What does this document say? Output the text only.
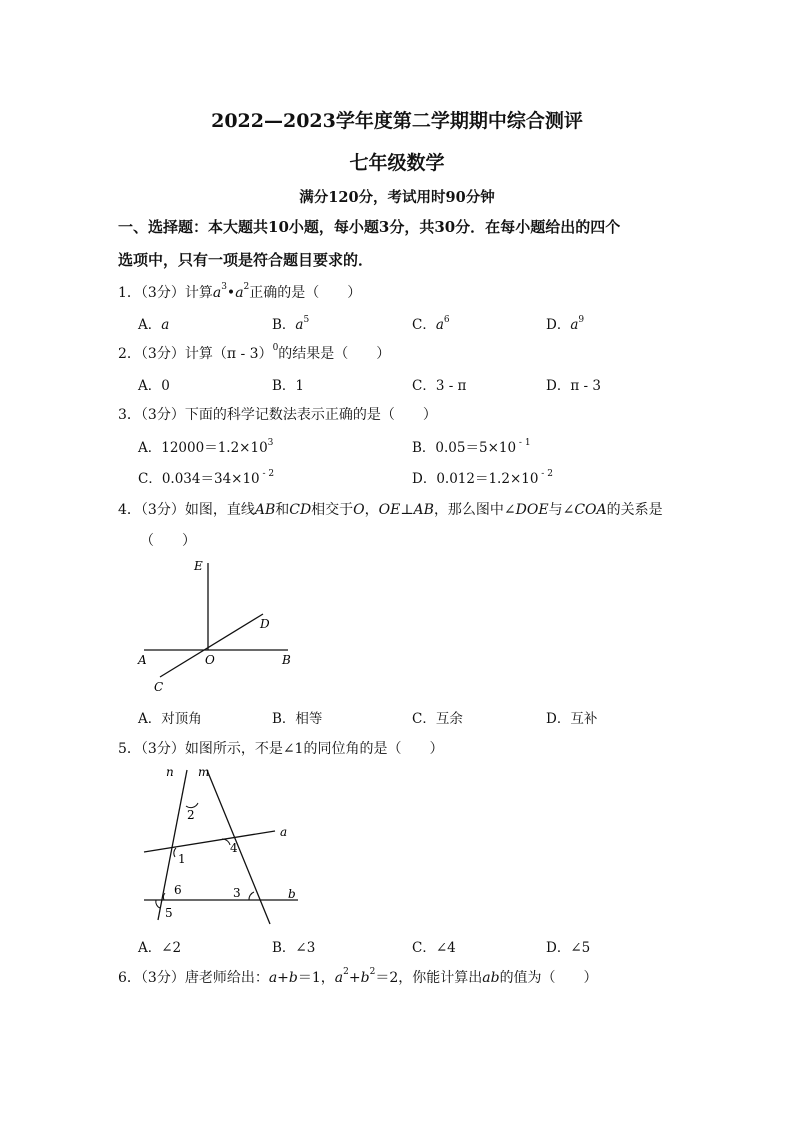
2022—2023学年度第二学期期中综合测评
七年级数学
满分120分，考试用时90分钟
一、选择题：本大题共10小题，每小题3分，共30分．在每小题给出的四个
选项中，只有一项是符合题目要求的．
1．（3分）计算$a^3•a^2$正确的是（　　）
A．a	B．$a^5$	C．$a^6$	D．$a^9$
2．（3分）计算（π - 3）$^0$的结果是（　　）
A．0	B．1	C．3 - π	D．π - 3
3．（3分）下面的科学记数法表示正确的是（　　）
A．$12000=1.2\times 10^3$	B．0.05＝5×10 $^{- 1}$
C．0.034＝34×10 $^{- 2}$	D．0.012＝1.2×10 $^{- 2}$
4．（3分）如图，直线AB和CD相交于O，OE⊥AB，那么图中∠DOE与∠COA的关系是
（　　）
E
D
A	O	B
C
A．对顶角	B．相等	C．互余	D．互补
5．（3分）如图所示，不是∠1的同位角的是（　　）
n m
a
b
2
1
4
3
6
5
A．∠2	B．∠3	C．∠4	D．∠5
6．（3分）唐老师给出：a+b＝1，$a^2+b^2=2$，你能计算出ab的值为（　　）
